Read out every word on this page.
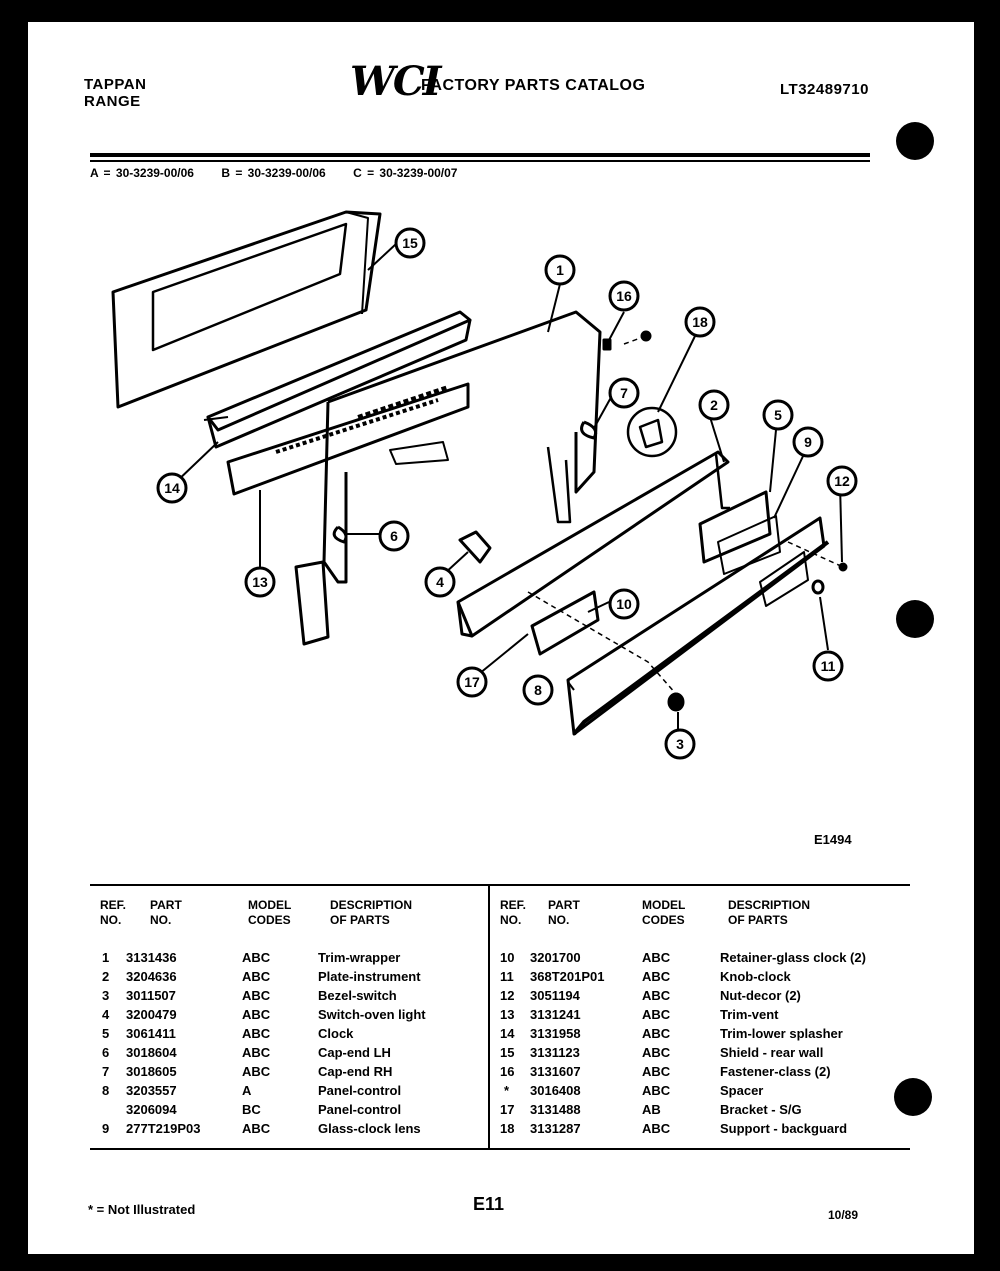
TAPPAN
RANGE	WCI
FACTORY PARTS CATALOG	LT32489710
A = 30-3239-00/06 B = 30-3239-00/06 C = 30-3239-00/07
1
2
3
4
5
6
7
8
9
10
11
12
13
14
15
16
17
18
E1494
REF.
NO.
PART
NO.
MODEL
CODES
DESCRIPTION
OF PARTS
REF.
NO.
PART
NO.
MODEL
CODES
DESCRIPTION
OF PARTS
1 3131436	ABC	Trim-wrapper
2 3204636	ABC	Plate-instrument
3 3011507	ABC	Bezel-switch
4 3200479	ABC	Switch-oven light
5 3061411	ABC	Clock
6 3018604	ABC	Cap-end LH
7 3018605	ABC	Cap-end RH
8 3203557	A	Panel-control
3206094	BC	Panel-control
9 277T219P03	ABC	Glass-clock lens
10 3201700	ABC	Retainer-glass clock (2)
11 368T201P01	ABC	Knob-clock
12 3051194	ABC	Nut-decor (2)
13 3131241	ABC	Trim-vent
14 3131958	ABC	Trim-lower splasher
15 3131123	ABC	Shield - rear wall
16 3131607	ABC	Fastener-class (2)
* 3016408	ABC	Spacer
17 3131488	AB	Bracket - S/G
18 3131287	ABC	Support - backguard
* = Not Illustrated	E11
10/89
